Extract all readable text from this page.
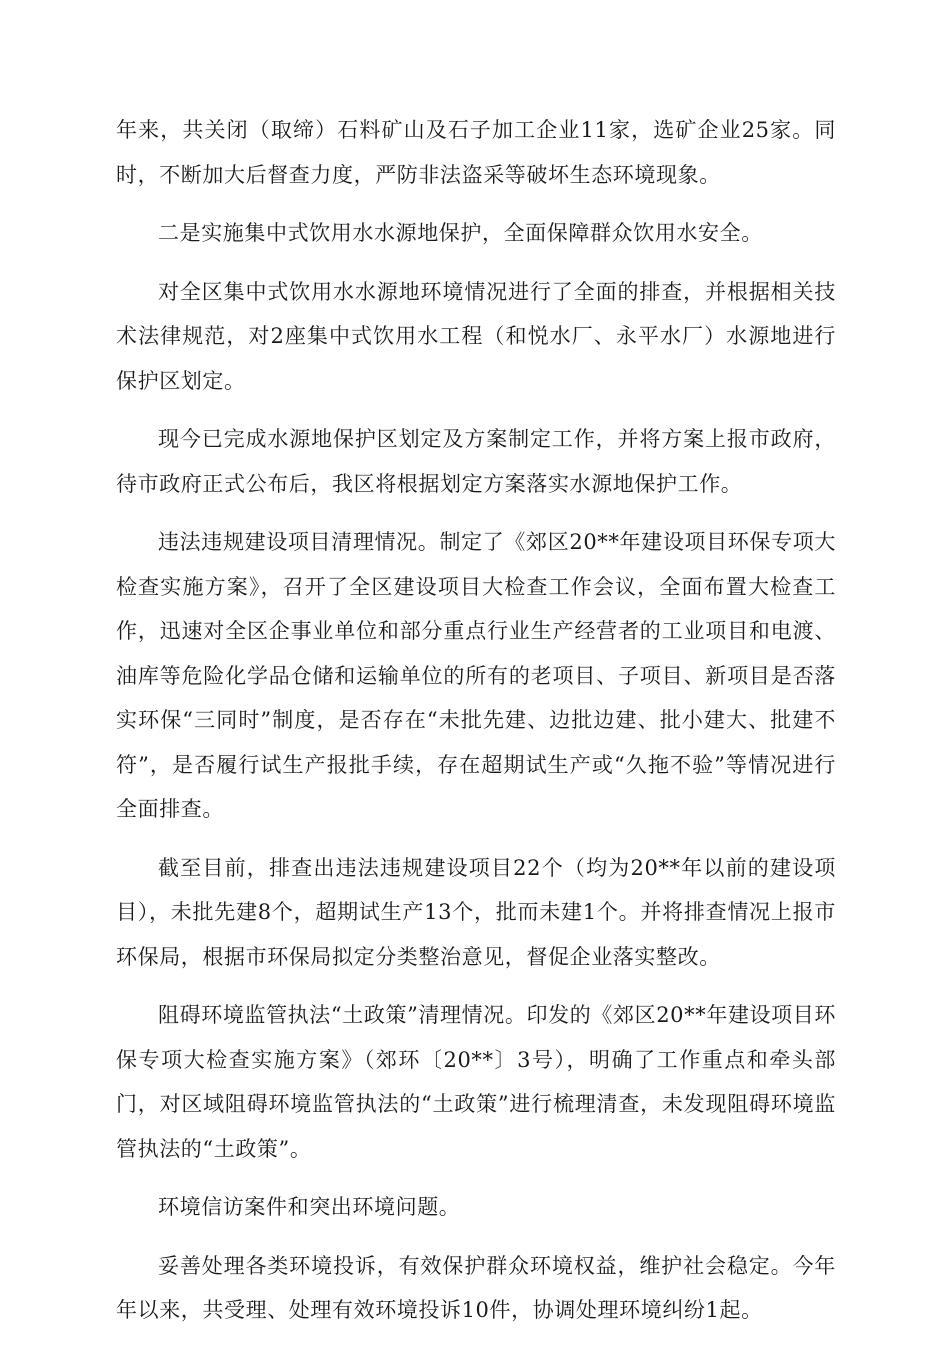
年来，共关闭（取缔）石料矿山及石子加工企业11家，选矿企业25家。同时，不断加大后督查力度，严防非法盗采等破坏生态环境现象。

二是实施集中式饮用水水源地保护，全面保障群众饮用水安全。

对全区集中式饮用水水源地环境情况进行了全面的排查，并根据相关技术法律规范，对2座集中式饮用水工程（和悦水厂、永平水厂）水源地进行保护区划定。

现今已完成水源地保护区划定及方案制定工作，并将方案上报市政府，待市政府正式公布后，我区将根据划定方案落实水源地保护工作。

违法违规建设项目清理情况。制定了《郊区20**年建设项目环保专项大检查实施方案》，召开了全区建设项目大检查工作会议，全面布置大检查工作，迅速对全区企事业单位和部分重点行业生产经营者的工业项目和电渡、油库等危险化学品仓储和运输单位的所有的老项目、子项目、新项目是否落实环保“三同时”制度，是否存在“未批先建、边批边建、批小建大、批建不符”，是否履行试生产报批手续，存在超期试生产或“久拖不验”等情况进行全面排查。

截至目前，排查出违法违规建设项目22个（均为20**年以前的建设项目），未批先建8个，超期试生产13个，批而未建1个。并将排查情况上报市环保局，根据市环保局拟定分类整治意见，督促企业落实整改。

阻碍环境监管执法“土政策”清理情况。印发的《郊区20**年建设项目环保专项大检查实施方案》（郊环〔20**〕3号），明确了工作重点和牵头部门，对区域阻碍环境监管执法的“土政策”进行梳理清查，未发现阻碍环境监管执法的“土政策”。

环境信访案件和突出环境问题。

妥善处理各类环境投诉，有效保护群众环境权益，维护社会稳定。今年年以来，共受理、处理有效环境投诉10件，协调处理环境纠纷1起。
